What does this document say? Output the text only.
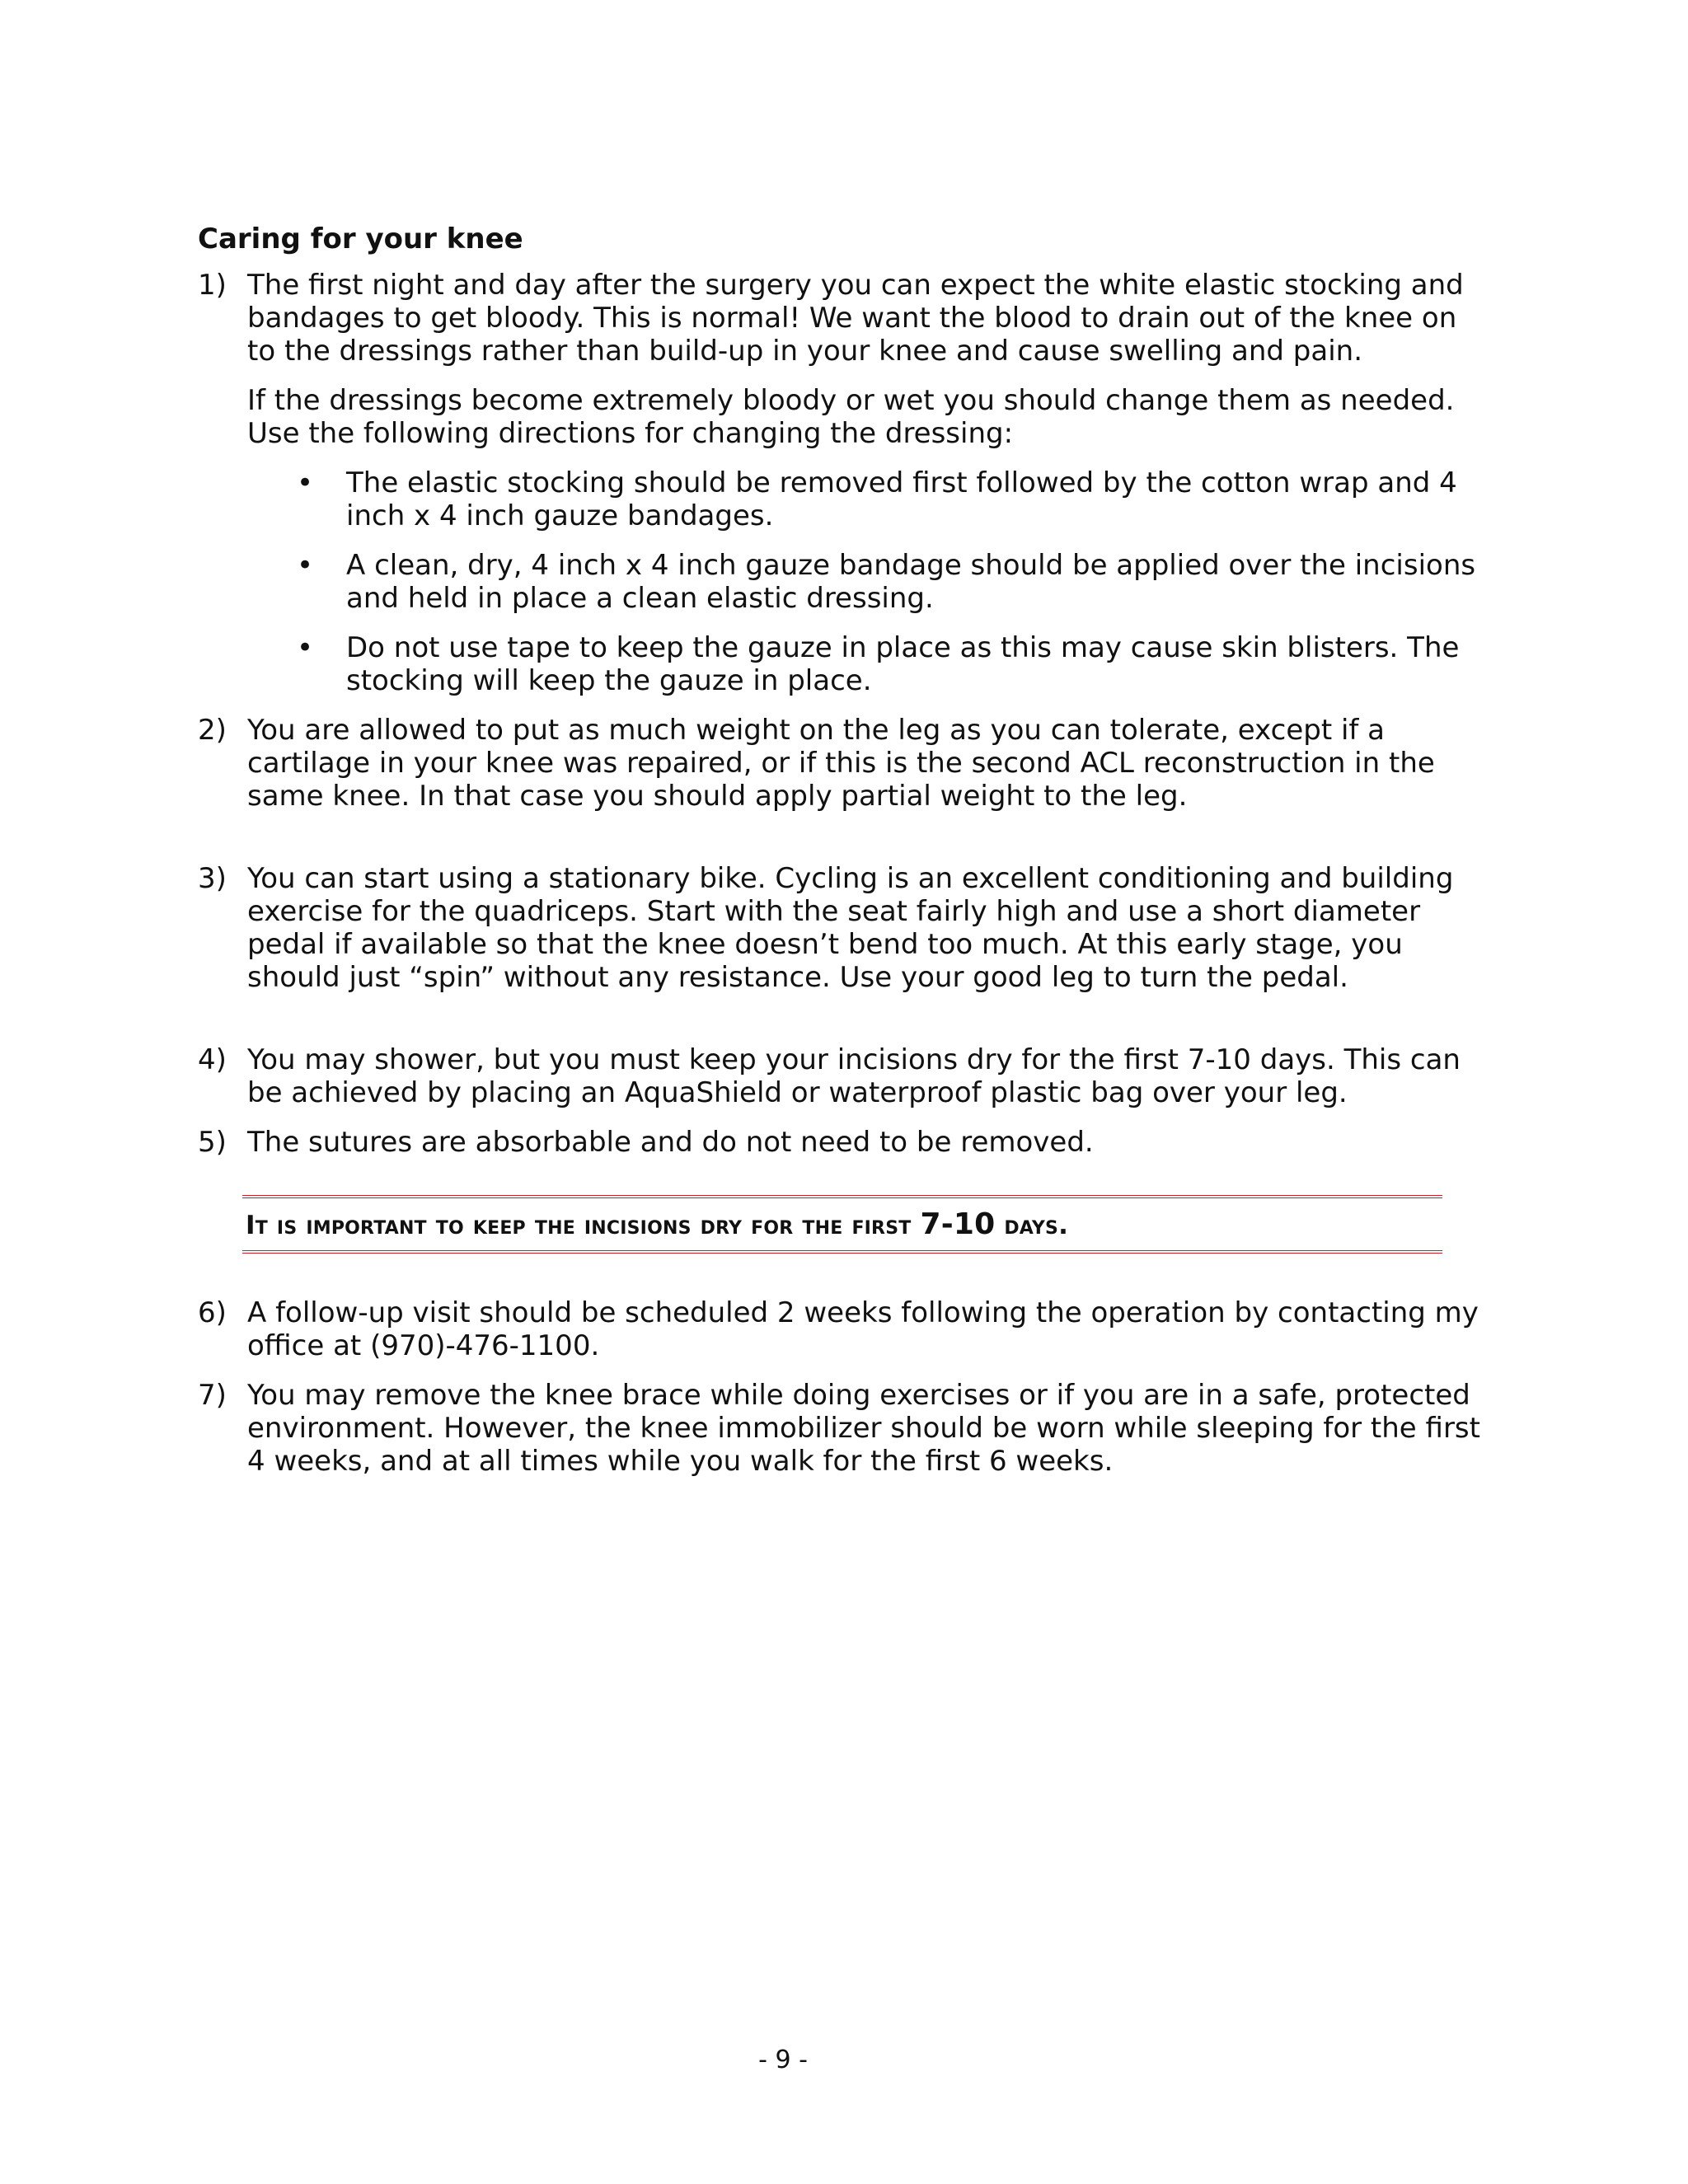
Caring for your knee
1) The first night and day after the surgery you can expect the white elastic stocking and bandages to get bloody. This is normal! We want the blood to drain out of the knee on to the dressings rather than build-up in your knee and cause swelling and pain.
If the dressings become extremely bloody or wet you should change them as needed. Use the following directions for changing the dressing:
• The elastic stocking should be removed first followed by the cotton wrap and 4 inch x 4 inch gauze bandages.
• A clean, dry, 4 inch x 4 inch gauze bandage should be applied over the incisions and held in place a clean elastic dressing.
• Do not use tape to keep the gauze in place as this may cause skin blisters. The stocking will keep the gauze in place.
2) You are allowed to put as much weight on the leg as you can tolerate, except if a cartilage in your knee was repaired, or if this is the second ACL reconstruction in the same knee. In that case you should apply partial weight to the leg.
3) You can start using a stationary bike. Cycling is an excellent conditioning and building exercise for the quadriceps. Start with the seat fairly high and use a short diameter pedal if available so that the knee doesn’t bend too much. At this early stage, you should just “spin” without any resistance. Use your good leg to turn the pedal.
4) You may shower, but you must keep your incisions dry for the first 7-10 days. This can be achieved by placing an AquaShield or waterproof plastic bag over your leg.
5) The sutures are absorbable and do not need to be removed.
It is important to keep the incisions dry for the first 7-10 days.
6) A follow-up visit should be scheduled 2 weeks following the operation by contacting my office at (970)-476-1100.
7) You may remove the knee brace while doing exercises or if you are in a safe, protected environment. However, the knee immobilizer should be worn while sleeping for the first 4 weeks, and at all times while you walk for the first 6 weeks.
- 9 -
